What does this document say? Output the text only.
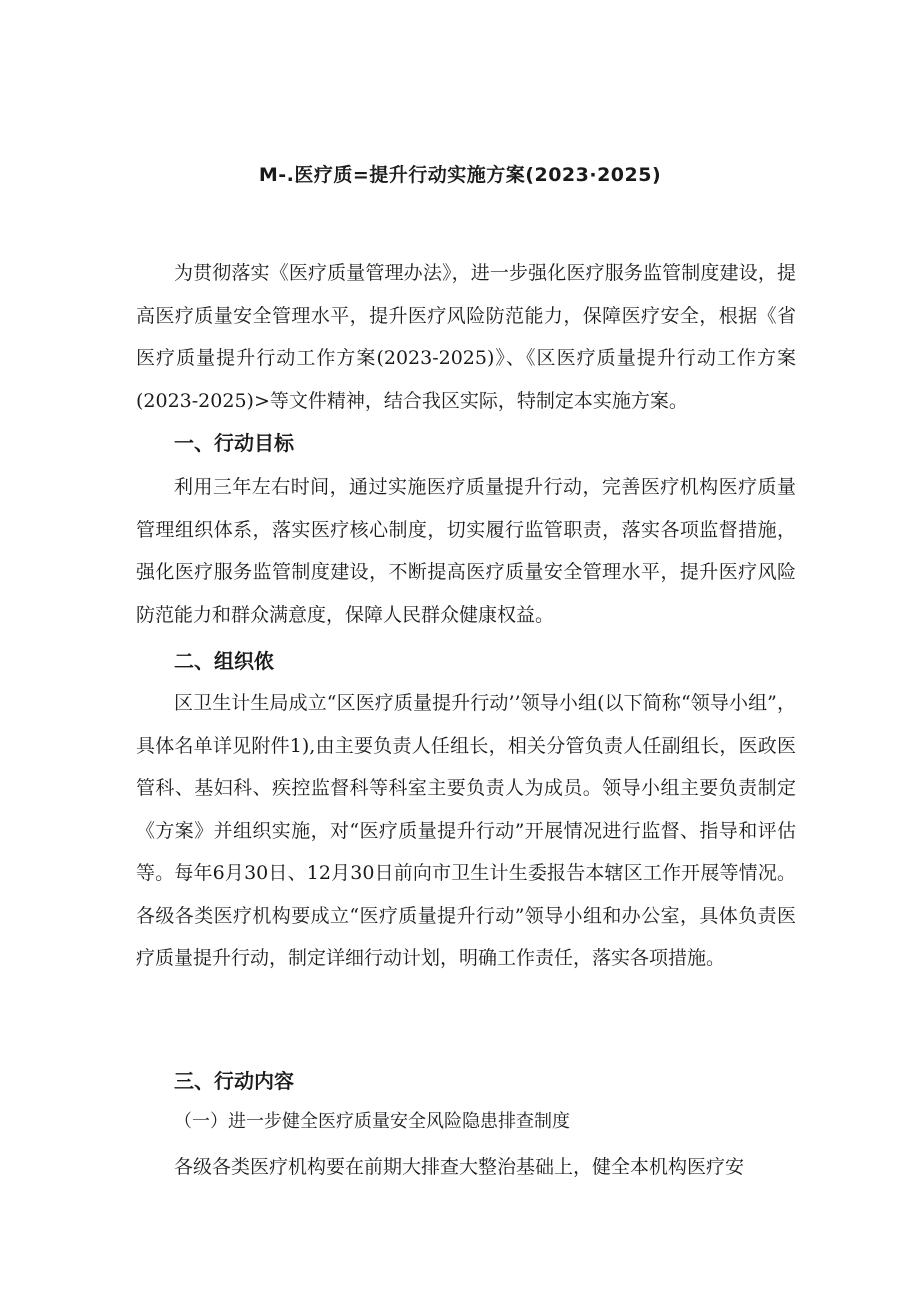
M-.医疗质=提升行动实施方案(2023·2025)

为贯彻落实《医疗质量管理办法》，进一步强化医疗服务监管制度建设，提高医疗质量安全管理水平，提升医疗风险防范能力，保障医疗安全，根据《省医疗质量提升行动工作方案(2023-2025)》、《区医疗质量提升行动工作方案(2023-2025)>等文件精神，结合我区实际，特制定本实施方案。

一、行动目标

利用三年左右时间，通过实施医疗质量提升行动，完善医疗机构医疗质量管理组织体系，落实医疗核心制度，切实履行监管职责，落实各项监督措施，强化医疗服务监管制度建设，不断提高医疗质量安全管理水平，提升医疗风险防范能力和群众满意度，保障人民群众健康权益。

二、组织侬

区卫生计生局成立“区医疗质量提升行动’’领导小组(以下简称“领导小组”，具体名单详见附件1),由主要负责人任组长，相关分管负责人任副组长，医政医管科、基妇科、疾控监督科等科室主要负责人为成员。领导小组主要负责制定《方案》并组织实施，对“医疗质量提升行动”开展情况进行监督、指导和评估等。每年6月30日、12月30日前向市卫生计生委报告本辖区工作开展等情况。各级各类医疗机构要成立“医疗质量提升行动”领导小组和办公室，具体负责医疗质量提升行动，制定详细行动计划，明确工作责任，落实各项措施。

三、行动内容
（一）进一步健全医疗质量安全风险隐患排查制度

各级各类医疗机构要在前期大排查大整治基础上，健全本机构医疗安
